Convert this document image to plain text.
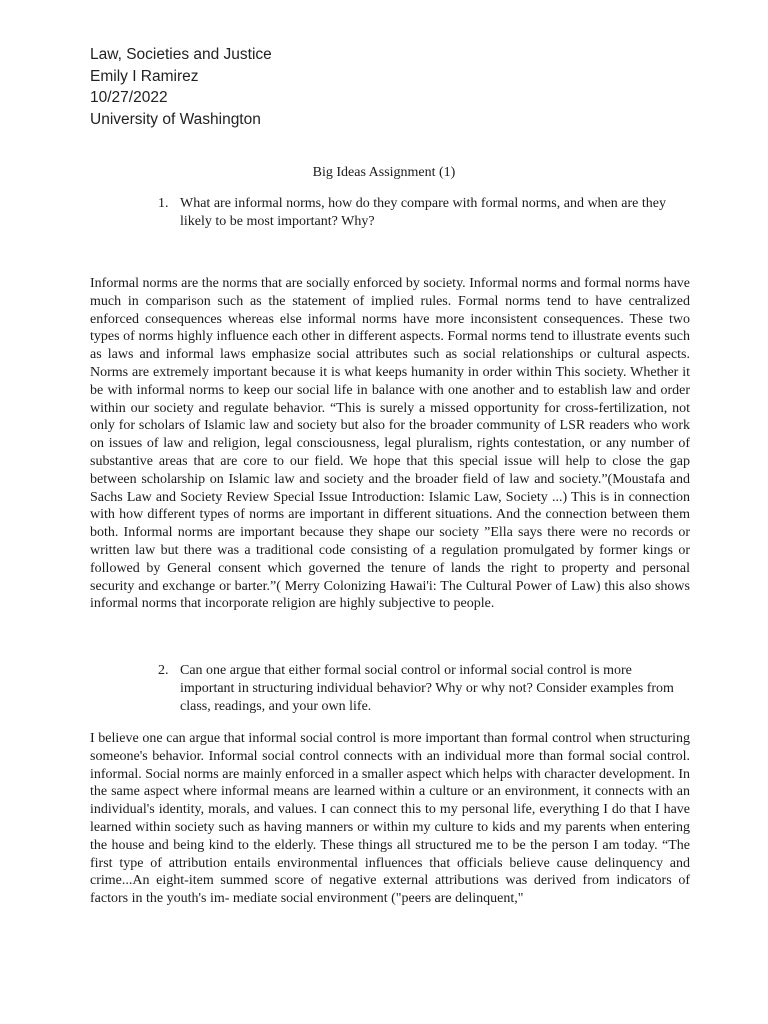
Law, Societies and Justice
Emily I Ramirez
10/27/2022
University of Washington
Big Ideas Assignment (1)
1. What are informal norms, how do they compare with formal norms, and when are they likely to be most important? Why?
Informal norms are the norms that are socially enforced by society. Informal norms and formal norms have much in comparison such as the statement of implied rules. Formal norms tend to have centralized enforced consequences whereas else informal norms have more inconsistent consequences. These two types of norms highly influence each other in different aspects. Formal norms tend to illustrate events such as laws and informal laws emphasize social attributes such as social relationships or cultural aspects. Norms are extremely important because it is what keeps humanity in order within This society. Whether it be with informal norms to keep our social life in balance with one another and to establish law and order within our society and regulate behavior. “This is surely a missed opportunity for cross-fertilization, not only for scholars of Islamic law and society but also for the broader community of LSR readers who work on issues of law and religion, legal consciousness, legal pluralism, rights contestation, or any number of substantive areas that are core to our field. We hope that this special issue will help to close the gap between scholarship on Islamic law and society and the broader field of law and society.”(Moustafa and Sachs Law and Society Review Special Issue Introduction: Islamic Law, Society ...) This is in connection with how different types of norms are important in different situations. And the connection between them both. Informal norms are important because they shape our society ”Ella says there were no records or written law but there was a traditional code consisting of a regulation promulgated by former kings or followed by General consent which governed the tenure of lands the right to property and personal security and exchange or barter.”( Merry Colonizing Hawai'i: The Cultural Power of Law) this also shows informal norms that incorporate religion are highly subjective to people.
2. Can one argue that either formal social control or informal social control is more important in structuring individual behavior? Why or why not? Consider examples from class, readings, and your own life.
I believe one can argue that informal social control is more important than formal control when structuring someone's behavior. Informal social control connects with an individual more than formal social control. informal. Social norms are mainly enforced in a smaller aspect which helps with character development. In the same aspect where informal means are learned within a culture or an environment, it connects with an individual's identity, morals, and values. I can connect this to my personal life, everything I do that I have learned within society such as having manners or within my culture to kids and my parents when entering the house and being kind to the elderly. These things all structured me to be the person I am today. “The first type of attribution entails environmental influences that officials believe cause delinquency and crime...An eight-item summed score of negative external attributions was derived from indicators of factors in the youth's im- mediate social environment ("peers are delinquent,"
